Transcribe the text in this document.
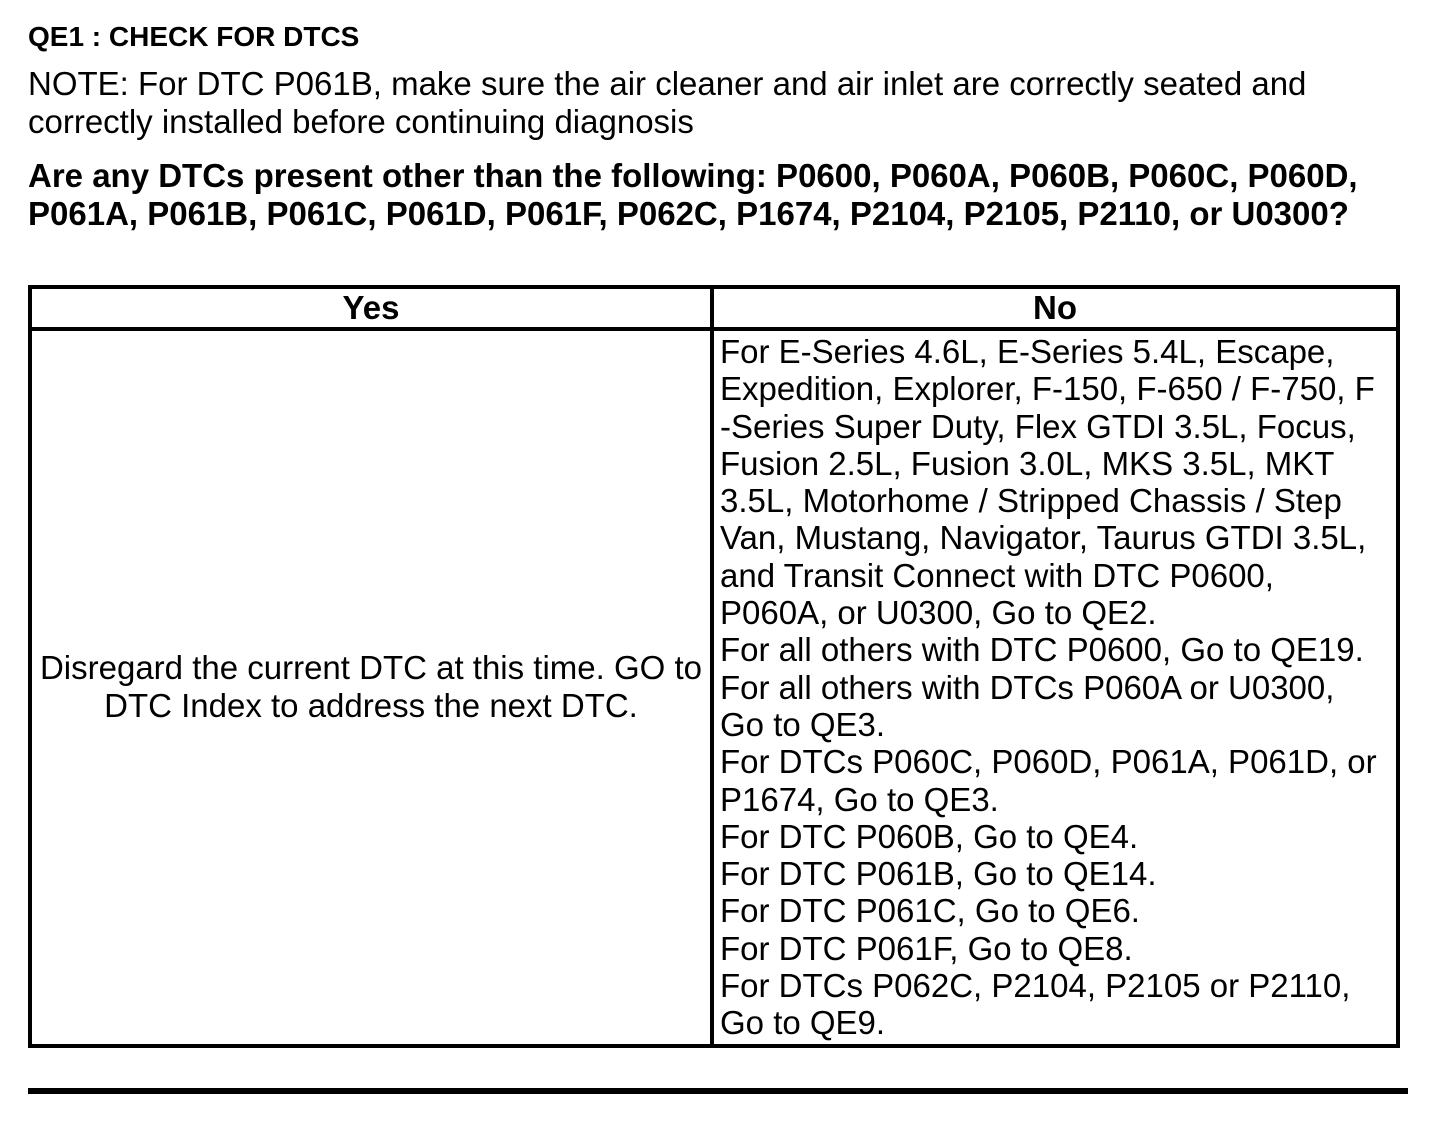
QE1 : CHECK FOR DTCS
NOTE: For DTC P061B, make sure the air cleaner and air inlet are correctly seated and
correctly installed before continuing diagnosis
Are any DTCs present other than the following: P0600, P060A, P060B, P060C, P060D,
P061A, P061B, P061C, P061D, P061F, P062C, P1674, P2104, P2105, P2110, or U0300?
Yes	No

Disregard the current DTC at this time. GO to
DTC Index to address the next DTC.

For E-Series 4.6L, E-Series 5.4L, Escape,
Expedition, Explorer, F-150, F-650 / F-750, F
-Series Super Duty, Flex GTDI 3.5L, Focus,
Fusion 2.5L, Fusion 3.0L, MKS 3.5L, MKT
3.5L, Motorhome / Stripped Chassis / Step
Van, Mustang, Navigator, Taurus GTDI 3.5L,
and Transit Connect with DTC P0600,
P060A, or U0300, Go to QE2.
For all others with DTC P0600, Go to QE19.
For all others with DTCs P060A or U0300,
Go to QE3.
For DTCs P060C, P060D, P061A, P061D, or
P1674, Go to QE3.
For DTC P060B, Go to QE4.
For DTC P061B, Go to QE14.
For DTC P061C, Go to QE6.
For DTC P061F, Go to QE8.
For DTCs P062C, P2104, P2105 or P2110,
Go to QE9.
